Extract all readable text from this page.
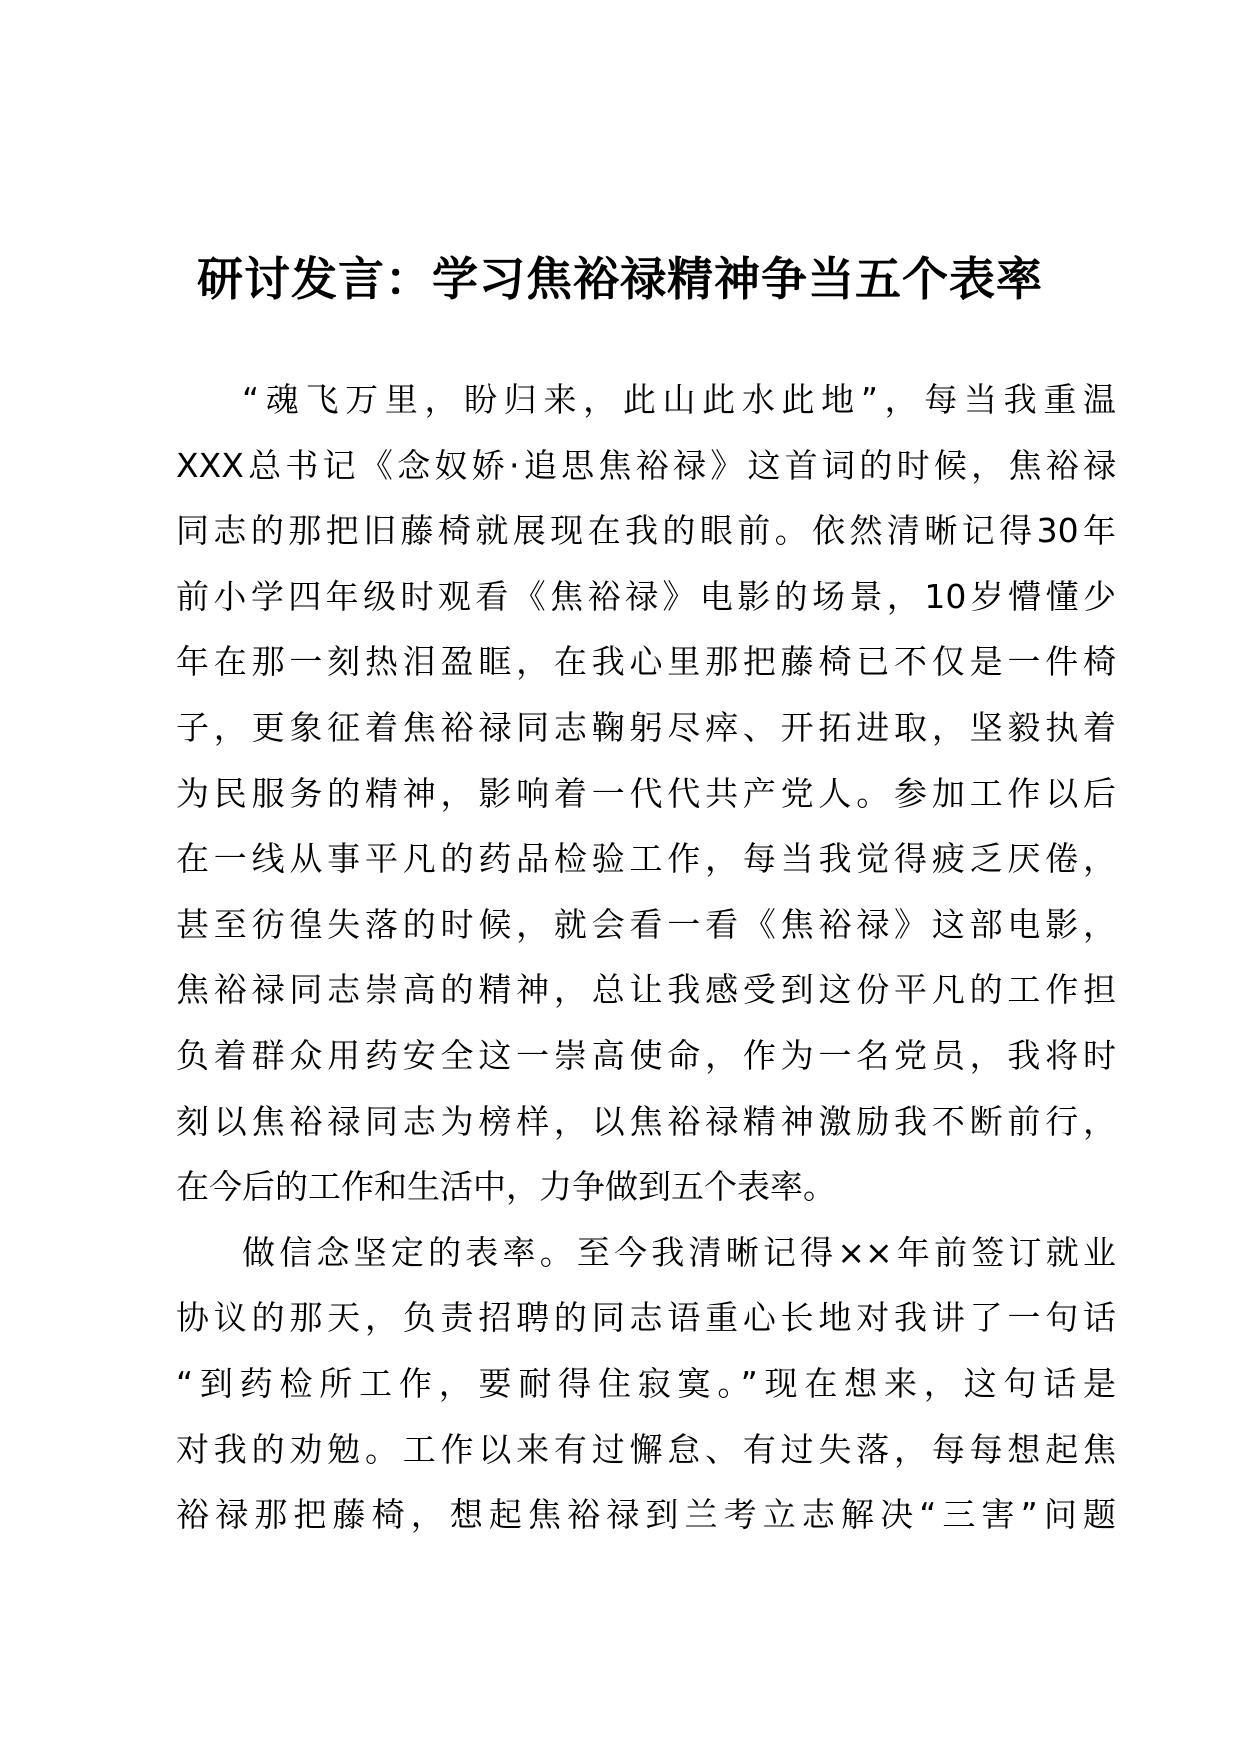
研讨发言：学习焦裕禄精神争当五个表率
“魂飞万里，盼归来，此山此水此地”，每当我重温
XXX总书记《念奴娇·追思焦裕禄》这首词的时候，焦裕禄
同志的那把旧藤椅就展现在我的眼前。依然清晰记得30年
前小学四年级时观看《焦裕禄》电影的场景，10岁懵懂少
年在那一刻热泪盈眶，在我心里那把藤椅已不仅是一件椅
子，更象征着焦裕禄同志鞠躬尽瘁、开拓进取，坚毅执着
为民服务的精神，影响着一代代共产党人。参加工作以后
在一线从事平凡的药品检验工作，每当我觉得疲乏厌倦，
甚至彷徨失落的时候，就会看一看《焦裕禄》这部电影，
焦裕禄同志崇高的精神，总让我感受到这份平凡的工作担
负着群众用药安全这一崇高使命，作为一名党员，我将时
刻以焦裕禄同志为榜样，以焦裕禄精神激励我不断前行，
在今后的工作和生活中，力争做到五个表率。
做信念坚定的表率。至今我清晰记得××年前签订就业
协议的那天，负责招聘的同志语重心长地对我讲了一句话
“到药检所工作，要耐得住寂寞。”现在想来，这句话是
对我的劝勉。工作以来有过懈怠、有过失落，每每想起焦
裕禄那把藤椅，想起焦裕禄到兰考立志解决“三害”问题
